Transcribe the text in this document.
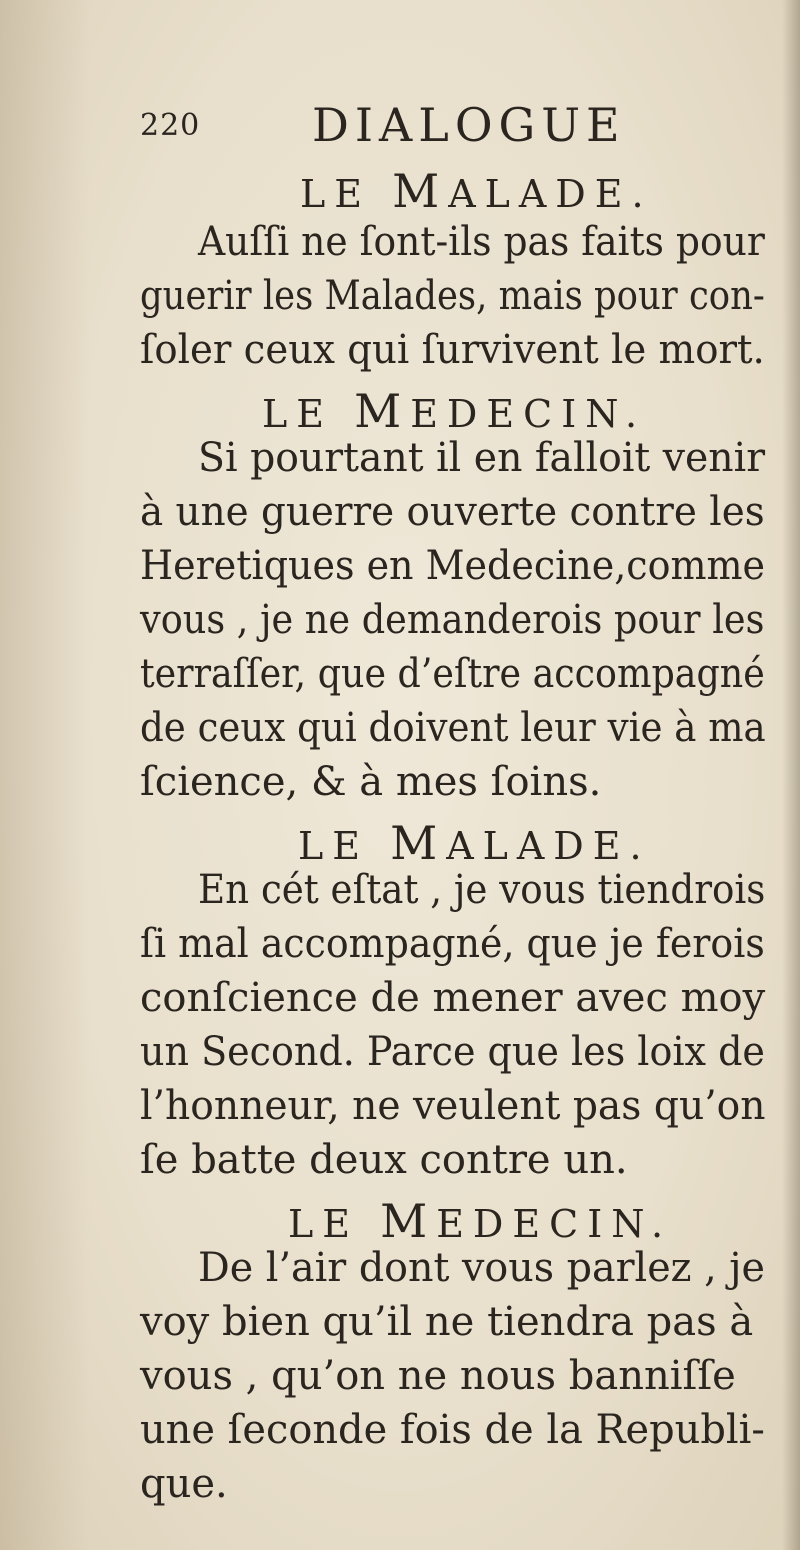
220 DIALOGUE
LE MALADE.
Auſſi ne ſont-ils pas faits pour
guerir les Malades, mais pour con-
ſoler ceux qui ſurvivent le mort.
LE MEDECIN.
Si pourtant il en falloit venir
à une guerre ouverte contre les
Heretiques en Medecine,comme
vous , je ne demanderois pour les
terraſſer, que d’eſtre accompagné
de ceux qui doivent leur vie à ma
ſcience, & à mes ſoins.
LE MALADE.
En cét eſtat , je vous tiendrois
ſi mal accompagné, que je ferois
conſcience de mener avec moy
un Second. Parce que les loix de
l’honneur, ne veulent pas qu’on
ſe batte deux contre un.
LE MEDECIN.
De l’air dont vous parlez , je
voy bien qu’il ne tiendra pas à
vous , qu’on ne nous banniſſe
une ſeconde fois de la Republi-
que.
